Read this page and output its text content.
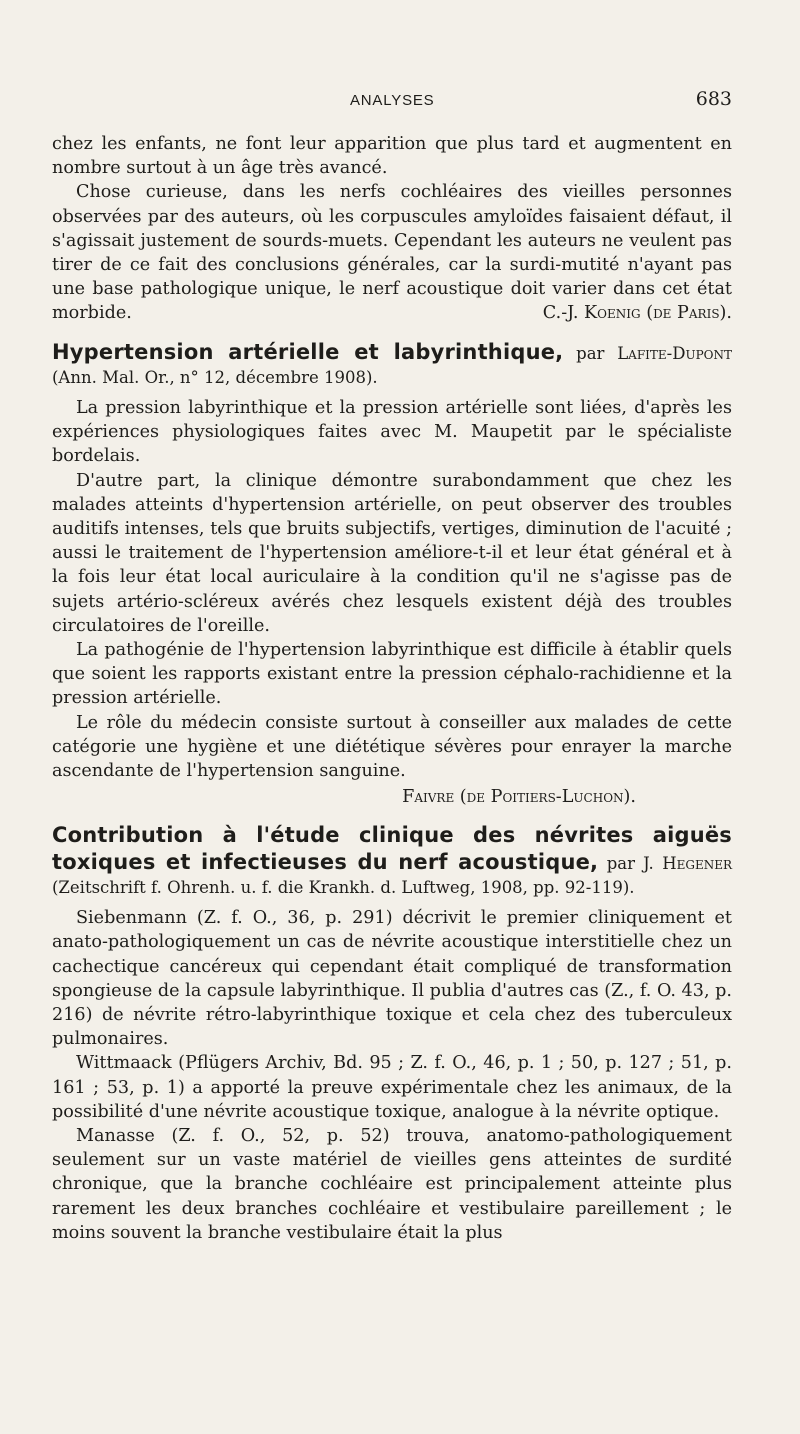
ANALYSES	683

chez les enfants, ne font leur apparition que plus tard et augmentent en nombre surtout à un âge très avancé.

Chose curieuse, dans les nerfs cochléaires des vieilles personnes observées par des auteurs, où les corpuscules amyloïdes faisaient défaut, il s'agissait justement de sourds-muets. Cependant les auteurs ne veulent pas tirer de ce fait des conclusions générales, car la surdi-mutité n'ayant pas une base pathologique unique, le nerf acoustique doit varier dans cet état morbide.	C.-J. Koenig (de Paris).

Hypertension artérielle et labyrinthique, par Lafite-Dupont (Ann. Mal. Or., n° 12, décembre 1908).

La pression labyrinthique et la pression artérielle sont liées, d'après les expériences physiologiques faites avec M. Maupetit par le spécialiste bordelais.

D'autre part, la clinique démontre surabondamment que chez les malades atteints d'hypertension artérielle, on peut observer des troubles auditifs intenses, tels que bruits subjectifs, vertiges, diminution de l'acuité ; aussi le traitement de l'hypertension améliore-t-il et leur état général et à la fois leur état local auriculaire à la condition qu'il ne s'agisse pas de sujets artério-scléreux avérés chez lesquels existent déjà des troubles circulatoires de l'oreille.

La pathogénie de l'hypertension labyrinthique est difficile à établir quels que soient les rapports existant entre la pression céphalo-rachidienne et la pression artérielle.

Le rôle du médecin consiste surtout à conseiller aux malades de cette catégorie une hygiène et une diététique sévères pour enrayer la marche ascendante de l'hypertension sanguine.

Faivre (de Poitiers-Luchon).
Contribution à l'étude clinique des névrites aiguës toxiques et infectieuses du nerf acoustique, par J. Hegener (Zeitschrift f. Ohrenh. u. f. die Krankh. d. Luftweg, 1908, pp. 92-119).

Siebenmann (Z. f. O., 36, p. 291) décrivit le premier cliniquement et anato-pathologiquement un cas de névrite acoustique interstitielle chez un cachectique cancéreux qui cependant était compliqué de transformation spongieuse de la capsule labyrinthique. Il publia d'autres cas (Z., f. O. 43, p. 216) de névrite rétro-labyrinthique toxique et cela chez des tuberculeux pulmonaires.

Wittmaack (Pflügers Archiv, Bd. 95 ; Z. f. O., 46, p. 1 ; 50, p. 127 ; 51, p. 161 ; 53, p. 1) a apporté la preuve expérimentale chez les animaux, de la possibilité d'une névrite acoustique toxique, analogue à la névrite optique.

Manasse (Z. f. O., 52, p. 52) trouva, anatomo-pathologiquement seulement sur un vaste matériel de vieilles gens atteintes de surdité chronique, que la branche cochléaire est principalement atteinte plus rarement les deux branches cochléaire et vestibulaire pareillement ; le moins souvent la branche vestibulaire était la plus
